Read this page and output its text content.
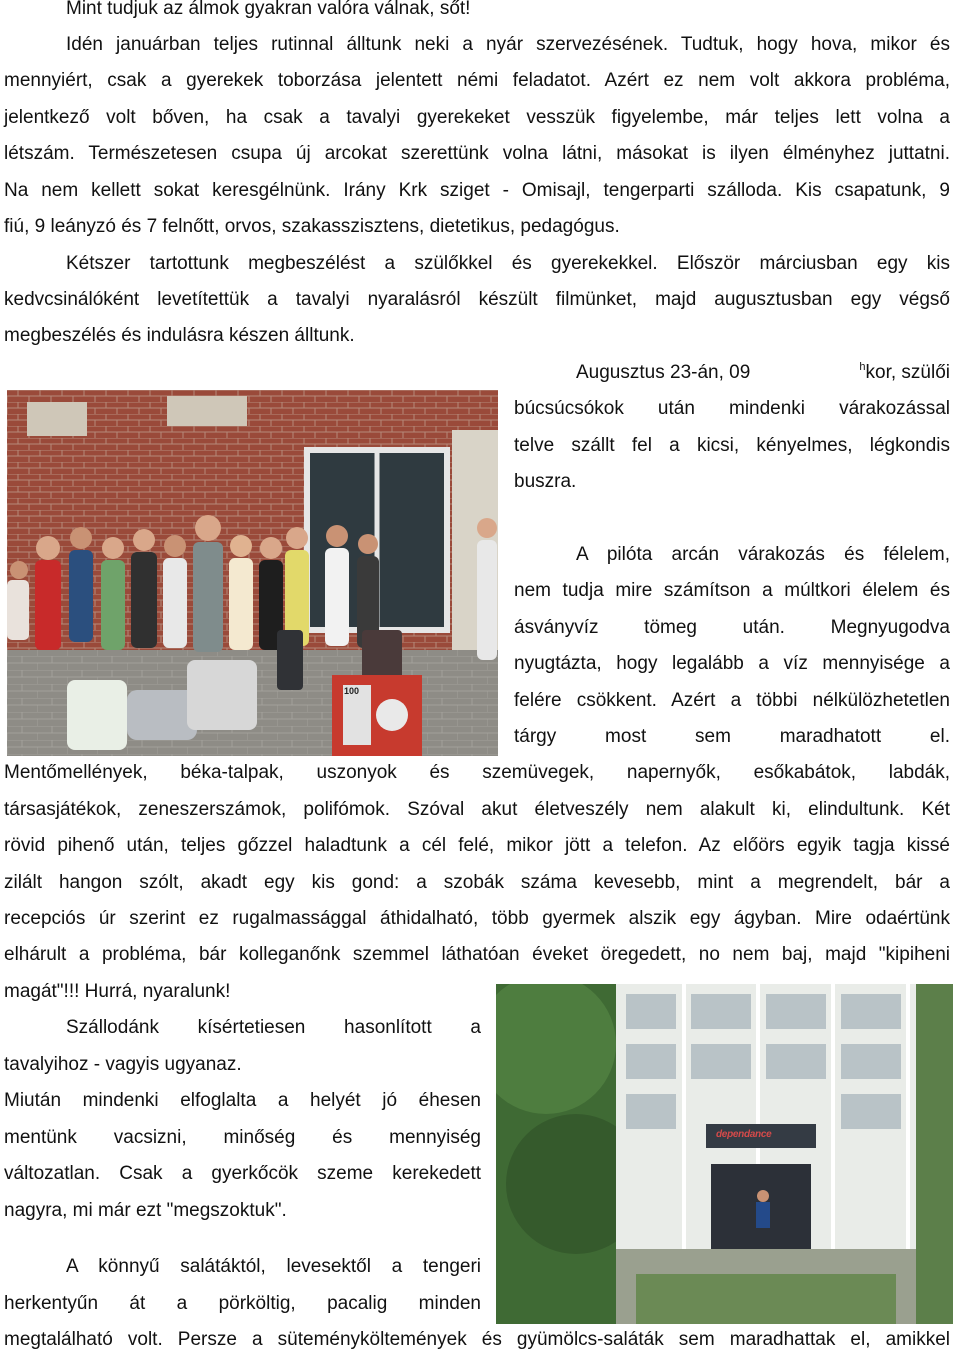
Mint tudjuk az álmok gyakran valóra válnak, sőt!
Idén januárban teljes rutinnal álltunk neki a nyár szervezésének. Tudtuk, hogy hova, mikor és
mennyiért, csak a gyerekek toborzása jelentett némi feladatot. Azért ez nem volt akkora probléma,
jelentkező volt bőven, ha csak a tavalyi gyerekeket vesszük figyelembe, már teljes lett volna a
létszám. Természetesen csupa új arcokat szerettünk volna látni, másokat is ilyen élményhez juttatni.
Na nem kellett sokat keresgélnünk. Irány Krk sziget - Omisajl, tengerparti szálloda. Kis csapatunk, 9
fiú, 9 leányzó és 7 felnőtt, orvos, szakasszisztens, dietetikus, pedagógus.
Kétszer tartottunk megbeszélést a szülőkkel és gyerekekkel. Először márciusban egy kis
kedvcsinálóként levetítettük a tavalyi nyaralásról készült filmünket, majd augusztusban egy végső
megbeszélés és indulásra készen álltunk.
Augusztus 23-án, 09	$^h$kor, szülői
búcsúcsókok után mindenki várakozással
telve szállt fel a kicsi, kényelmes, légkondis
buszra.
A pilóta arcán várakozás és félelem,
nem tudja mire számítson a múltkori élelem és
ásványvíz tömeg után. Megnyugodva
nyugtázta, hogy legalább a víz mennyisége a
felére csökkent. Azért a többi nélkülözhetetlen
tárgy most sem maradhatott el.
Mentőmellények, béka-talpak, uszonyok és szemüvegek, napernyők, esőkabátok, labdák,
társasjátékok, zeneszerszámok, polifómok. Szóval akut életveszély nem alakult ki, elindultunk. Két
rövid pihenő után, teljes gőzzel haladtunk a cél felé, mikor jött a telefon. Az előörs egyik tagja kissé
zilált hangon szólt, akadt egy kis gond: a szobák száma kevesebb, mint a megrendelt, bár a
recepciós úr szerint ez rugalmassággal áthidalható, több gyermek alszik egy ágyban. Mire odaértünk
elhárult a probléma, bár kolleganőnk szemmel láthatóan éveket öregedett, no nem baj, majd "kipiheni
magát"!!! Hurrá, nyaralunk!
Szállodánk kísértetiesen hasonlított a
tavalyihoz - vagyis ugyanaz.
Miután mindenki elfoglalta a helyét jó éhesen
mentünk vacsizni, minőség és mennyiség
változatlan. Csak a gyerkőcök szeme kerekedett
nagyra, mi már ezt "megszoktuk".
A könnyű salátáktól, levesektől a tengeri
herkentyűn át a pörköltig, pacalig minden
megtalálható volt. Persze a süteményköltemények és gyümölcs-saláták sem maradhattak el, amikkel
100
dependance
